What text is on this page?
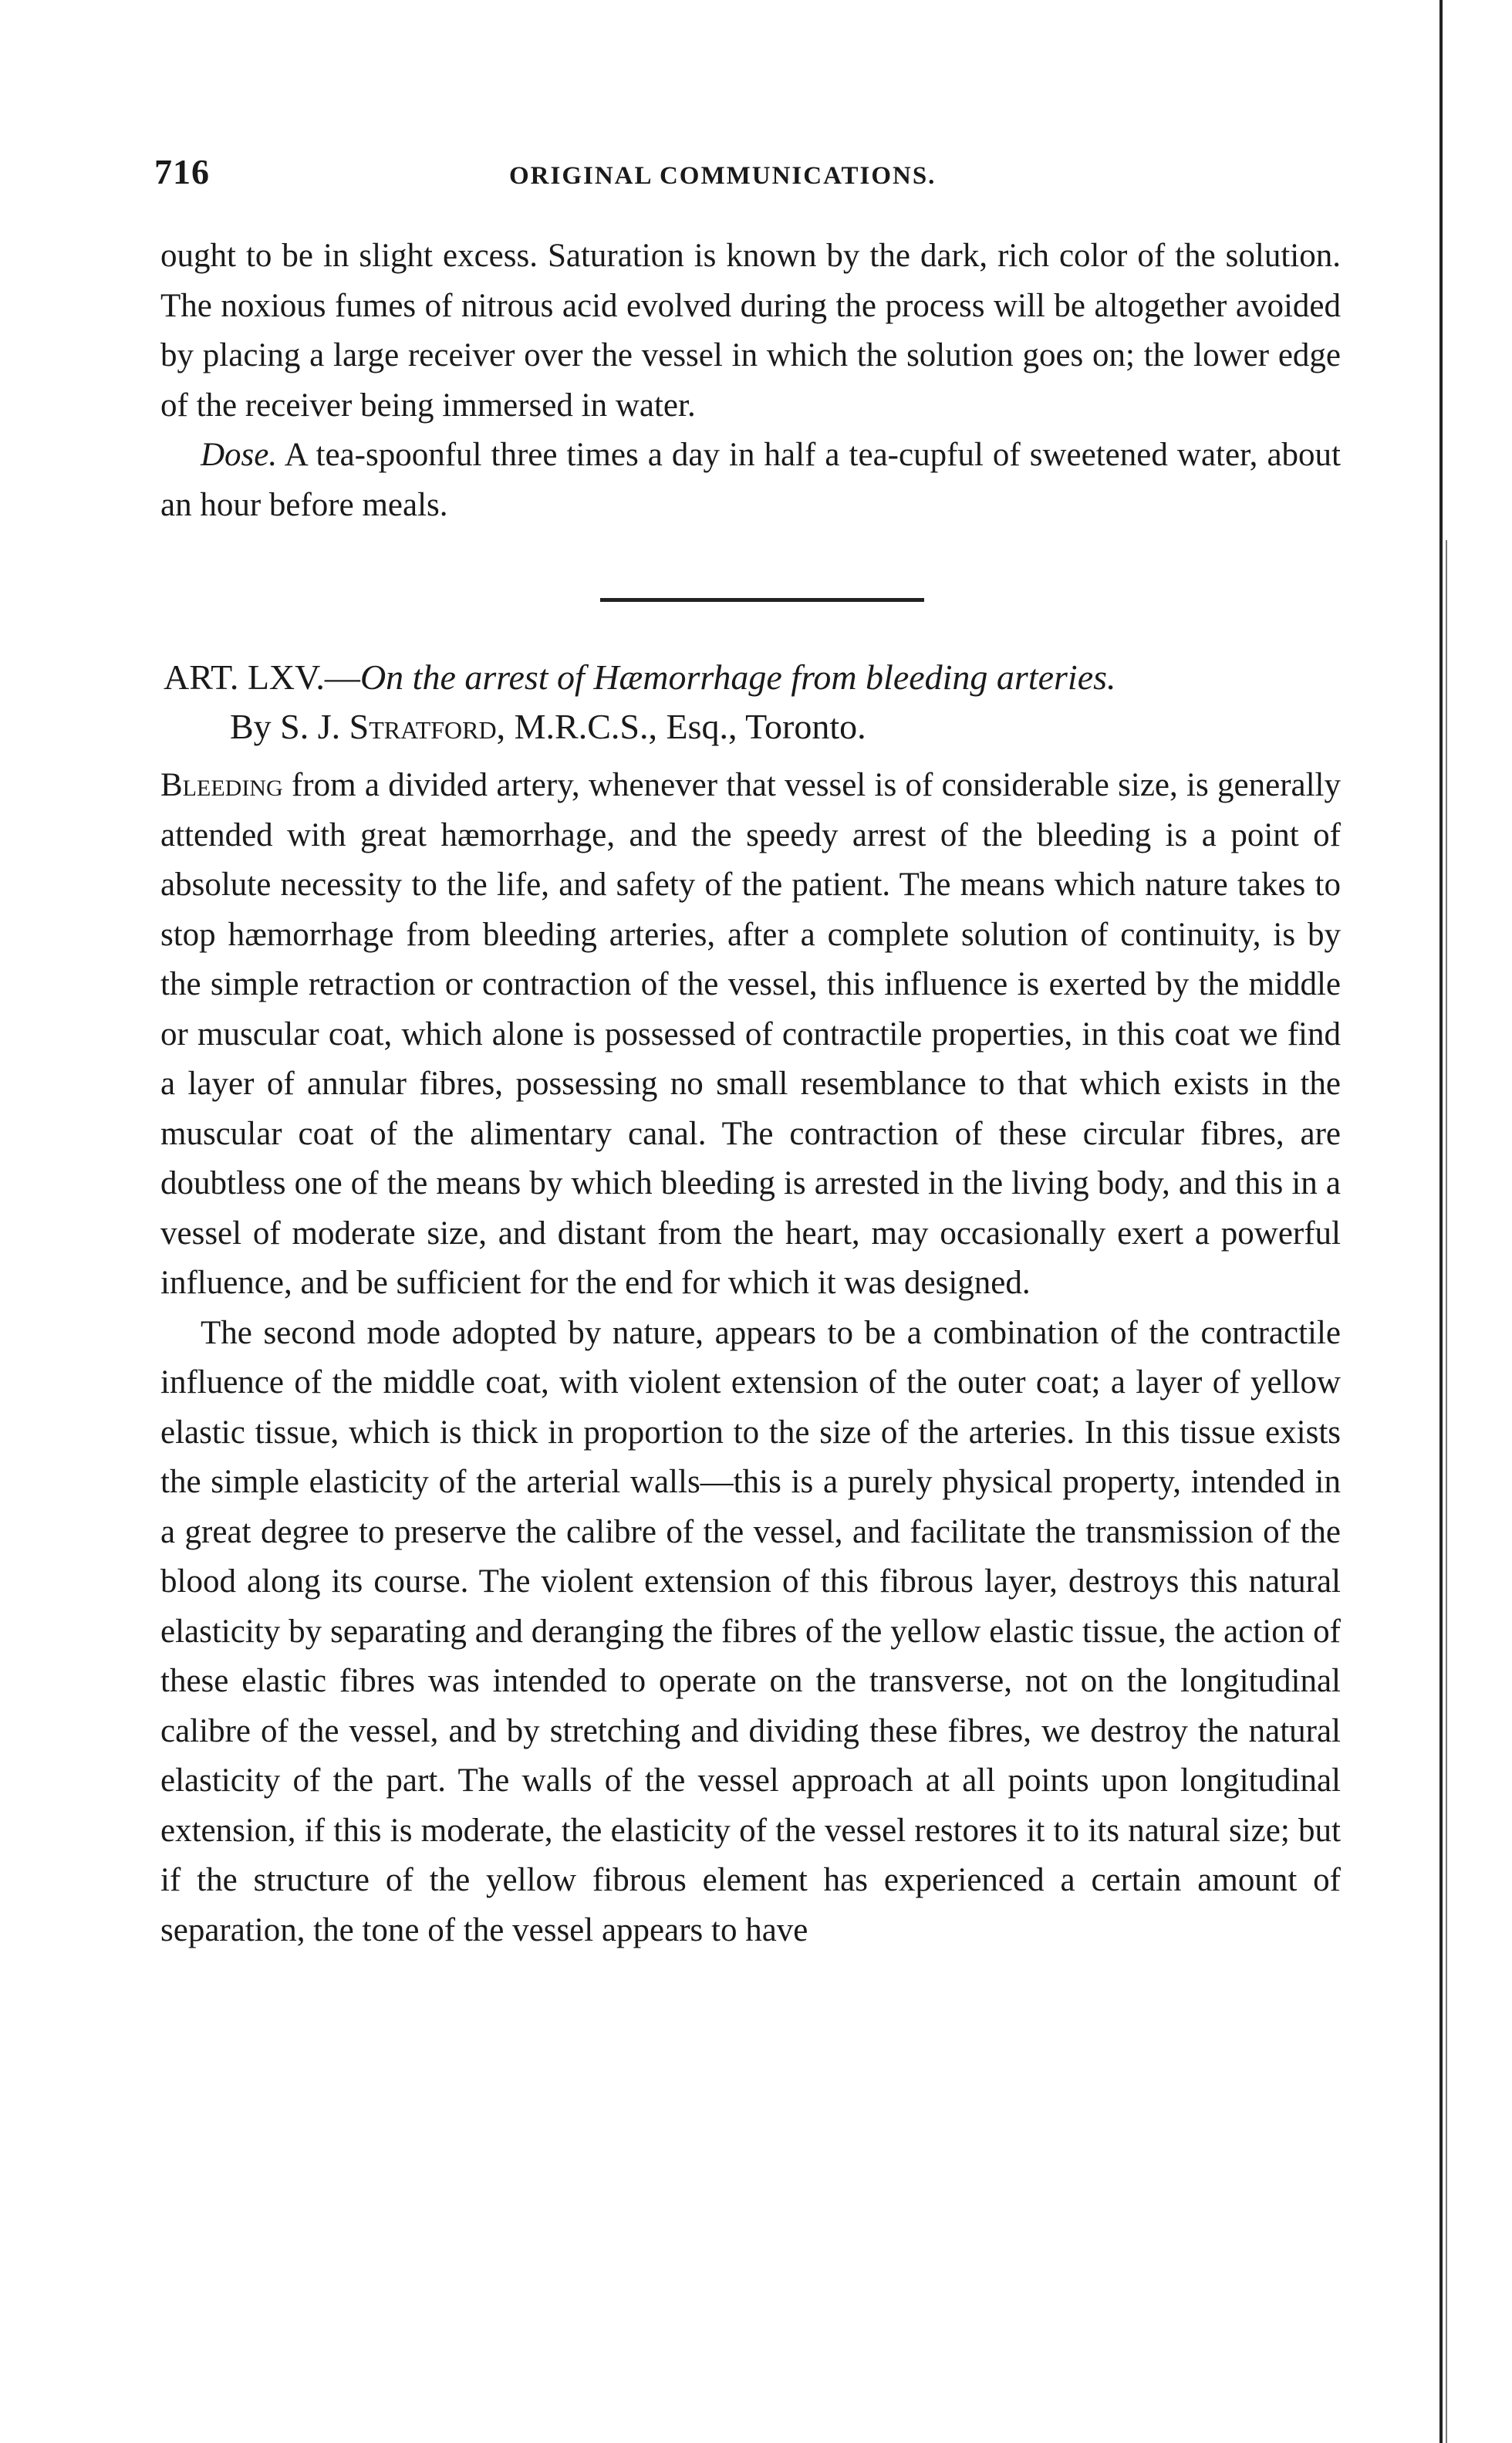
716	ORIGINAL COMMUNICATIONS.

ought to be in slight excess. Saturation is known by the dark, rich color of the solution. The noxious fumes of nitrous acid evolved during the process will be altogether avoided by placing a large receiver over the vessel in which the solution goes on; the lower edge of the receiver being immersed in water.

Dose. A tea-spoonful three times a day in half a tea-cupful of sweetened water, about an hour before meals.

ART. LXV.—On the arrest of Hæmorrhage from bleeding arteries.

By S. J. Stratford, M.R.C.S., Esq., Toronto.

Bleeding from a divided artery, whenever that vessel is of considerable size, is generally attended with great hæmorrhage, and the speedy arrest of the bleeding is a point of absolute necessity to the life, and safety of the patient. The means which nature takes to stop hæmorrhage from bleeding arteries, after a complete solution of continuity, is by the simple retraction or contraction of the vessel, this influence is exerted by the middle or muscular coat, which alone is possessed of contractile properties, in this coat we find a layer of annular fibres, possessing no small resemblance to that which exists in the muscular coat of the alimentary canal. The contraction of these circular fibres, are doubtless one of the means by which bleeding is arrested in the living body, and this in a vessel of moderate size, and distant from the heart, may occasionally exert a powerful influence, and be sufficient for the end for which it was designed.

The second mode adopted by nature, appears to be a combination of the contractile influence of the middle coat, with violent extension of the outer coat; a layer of yellow elastic tissue, which is thick in proportion to the size of the arteries. In this tissue exists the simple elasticity of the arterial walls—this is a purely physical property, intended in a great degree to preserve the calibre of the vessel, and facilitate the transmission of the blood along its course. The violent extension of this fibrous layer, destroys this natural elasticity by separating and deranging the fibres of the yellow elastic tissue, the action of these elastic fibres was intended to operate on the transverse, not on the longitudinal calibre of the vessel, and by stretching and dividing these fibres, we destroy the natural elasticity of the part. The walls of the vessel approach at all points upon longitudinal extension, if this is moderate, the elasticity of the vessel restores it to its natural size; but if the structure of the yellow fibrous element has experienced a certain amount of separation, the tone of the vessel appears to have
